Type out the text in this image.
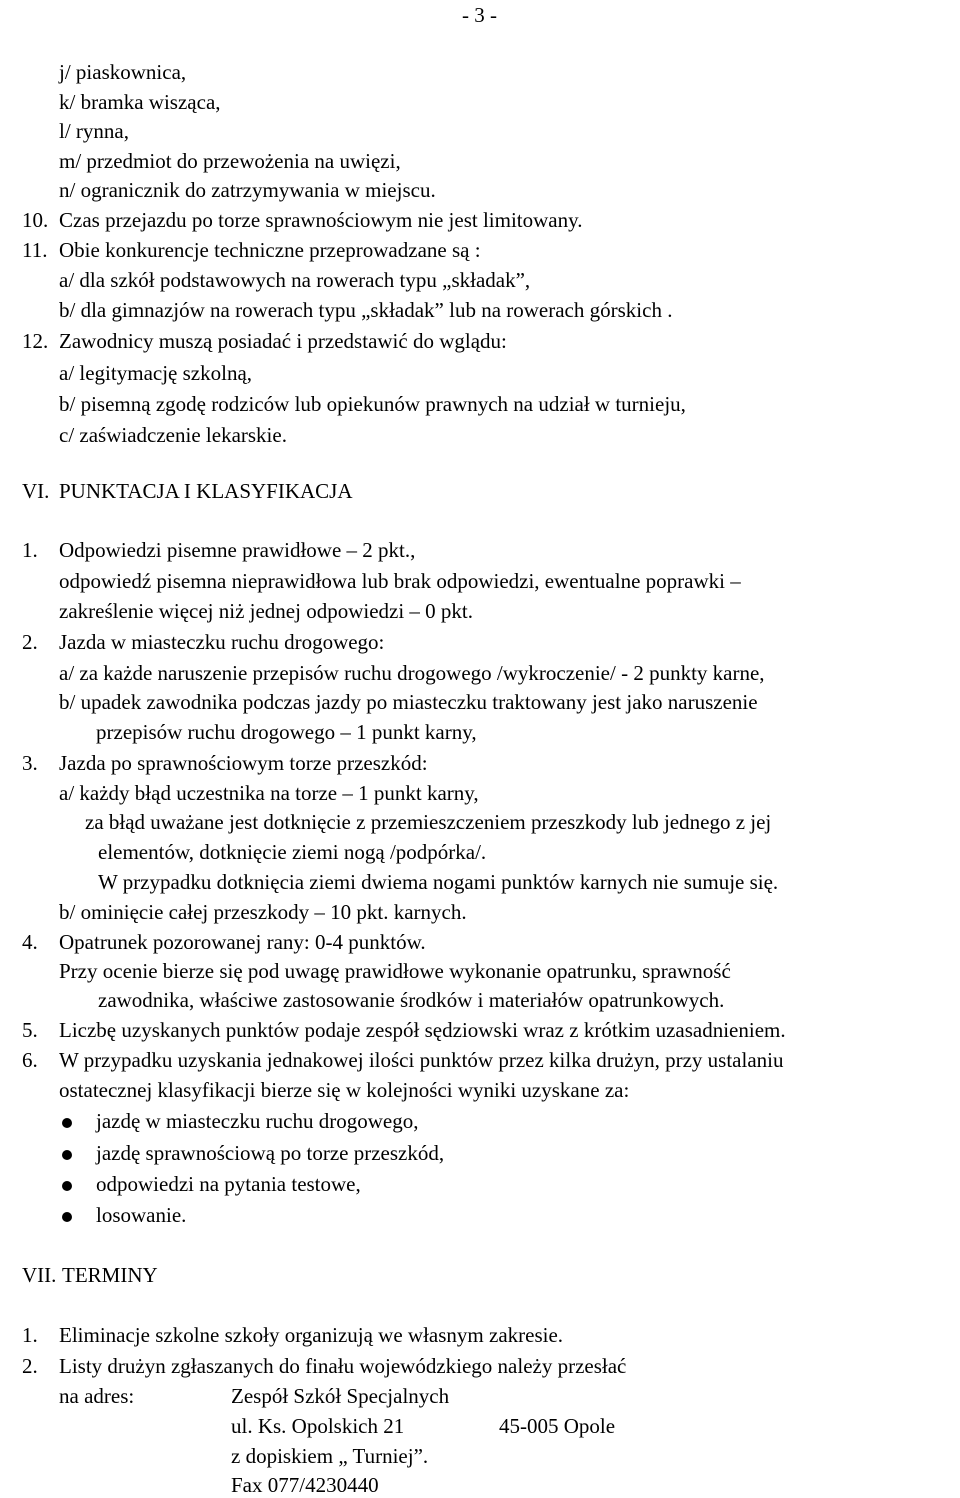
- 3 -
j/ piaskownica,
k/ bramka wisząca,
l/ rynna,
m/ przedmiot do przewożenia na uwięzi,
n/ ogranicznik do zatrzymywania w miejscu.
10. Czas przejazdu po torze sprawnościowym nie jest limitowany.
11. Obie konkurencje techniczne przeprowadzane są :
a/ dla szkół podstawowych na rowerach typu „składak”,
b/ dla gimnazjów na rowerach typu „składak” lub na rowerach górskich .
12. Zawodnicy muszą posiadać i przedstawić do wglądu:
a/ legitymację szkolną,
b/ pisemną zgodę rodziców lub opiekunów prawnych na udział w turnieju,
c/ zaświadczenie lekarskie.
VI. PUNKTACJA I KLASYFIKACJA
1. Odpowiedzi pisemne prawidłowe – 2 pkt.,
odpowiedź pisemna nieprawidłowa lub brak odpowiedzi, ewentualne poprawki –
zakreślenie więcej niż jednej odpowiedzi – 0 pkt.
2. Jazda w miasteczku ruchu drogowego:
a/ za każde naruszenie przepisów ruchu drogowego /wykroczenie/ - 2 punkty karne,
b/ upadek zawodnika podczas jazdy po miasteczku traktowany jest jako naruszenie
przepisów ruchu drogowego – 1 punkt karny,
3. Jazda po sprawnościowym torze przeszkód:
a/ każdy błąd uczestnika na torze – 1 punkt karny,
za błąd uważane jest dotknięcie z przemieszczeniem przeszkody lub jednego z jej
elementów, dotknięcie ziemi nogą /podpórka/.
W przypadku dotknięcia ziemi dwiema nogami punktów karnych nie sumuje się.
b/ ominięcie całej przeszkody – 10 pkt. karnych.
4. Opatrunek pozorowanej rany: 0-4 punktów.
Przy ocenie bierze się pod uwagę prawidłowe wykonanie opatrunku, sprawność
zawodnika, właściwe zastosowanie środków i materiałów opatrunkowych.
5. Liczbę uzyskanych punktów podaje zespół sędziowski wraz z krótkim uzasadnieniem.
6. W przypadku uzyskania jednakowej ilości punktów przez kilka drużyn, przy ustalaniu
ostatecznej klasyfikacji bierze się w kolejności wyniki uzyskane za:
jazdę w miasteczku ruchu drogowego,
jazdę sprawnościową po torze przeszkód,
odpowiedzi na pytania testowe,
losowanie.
VII. TERMINY
1. Eliminacje szkolne szkoły organizują we własnym zakresie.
2. Listy drużyn zgłaszanych do finału wojewódzkiego należy przesłać
na adres:	Zespół Szkół Specjalnych
ul. Ks. Opolskich 21	45-005 Opole
z dopiskiem „ Turniej”.
Fax 077/4230440
